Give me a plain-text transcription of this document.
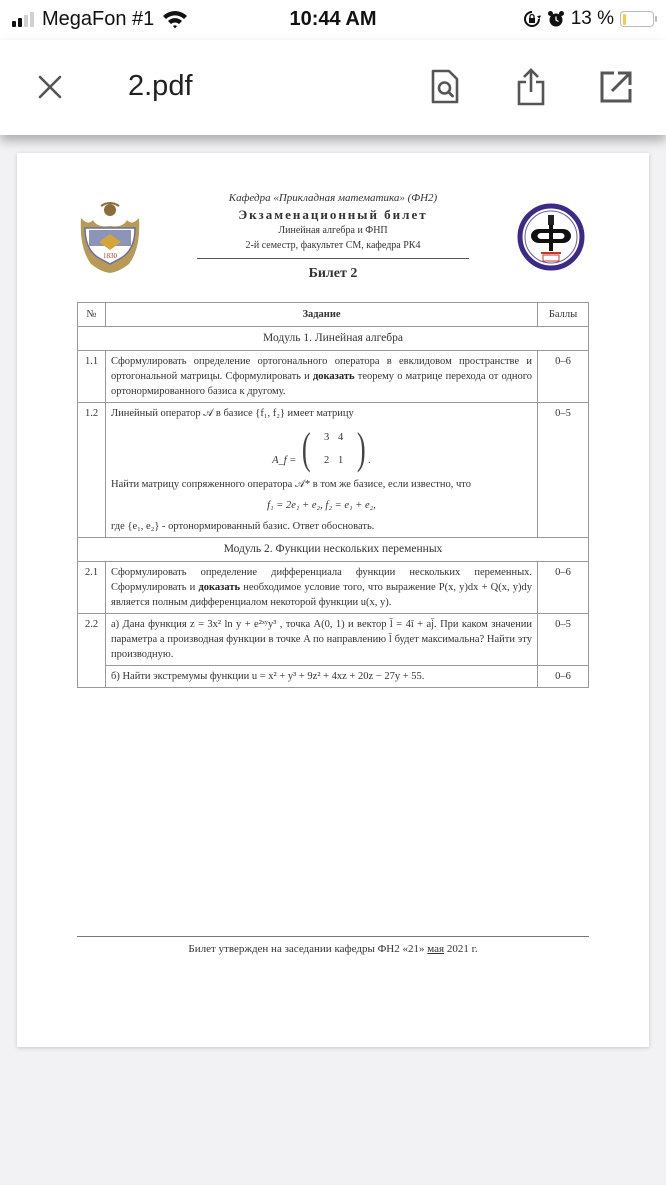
MegaFon #1	10:44 AM	13 %
2.pdf
1830
Кафедра «Прикладная математика» (ФН2)
Экзаменационный билет
Линейная алгебра и ФНП
2-й семестр, факультет СМ, кафедра РК4
Билет 2
№	Задание	Баллы
Модуль 1. Линейная алгебра		
1.1	Сформулировать определение ортогонального оператора в евклидовом пространстве и ортогональной матрицы. Сформулировать и доказать теорему о матрице перехода от одного ортонормированного базиса к другому.	0–6
1.2	Линейный оператор 𝒜 в базисе {f₁, f₂} имеет матрицу
A_f = (	3 4
2 1 ) .
Найти матрицу сопряженного оператора 𝒜* в том же базисе, если известно, что
f₁ = 2e₁ + e₂, f₂ = e₁ + e₂,
где {e₁, e₂} - ортонормированный базис. Ответ обосновать.
	0–5
Модуль 2. Функции нескольких переменных		
2.1	Сформулировать определение дифференциала функции нескольких переменных. Сформулировать и доказать необходимое условие того, что выражение P(x, y)dx + Q(x, y)dy является полным дифференциалом некоторой функции u(x, y).	0–6
2.2	а) Дана функция z = 3x² ln y + e²ˣʸy³ , точка A(0, 1) и вектор l̄ = 4ī + aj̄. При каком значении параметра a производная функции в точке A по направлению l̄ будет максимальна? Найти эту производную.	0–5
	б) Найти экстремумы функции u = x² + y³ + 9z² + 4xz + 20z − 27y + 55.	0–6
Билет утвержден на заседании кафедры ФН2 «21» мая 2021 г.
